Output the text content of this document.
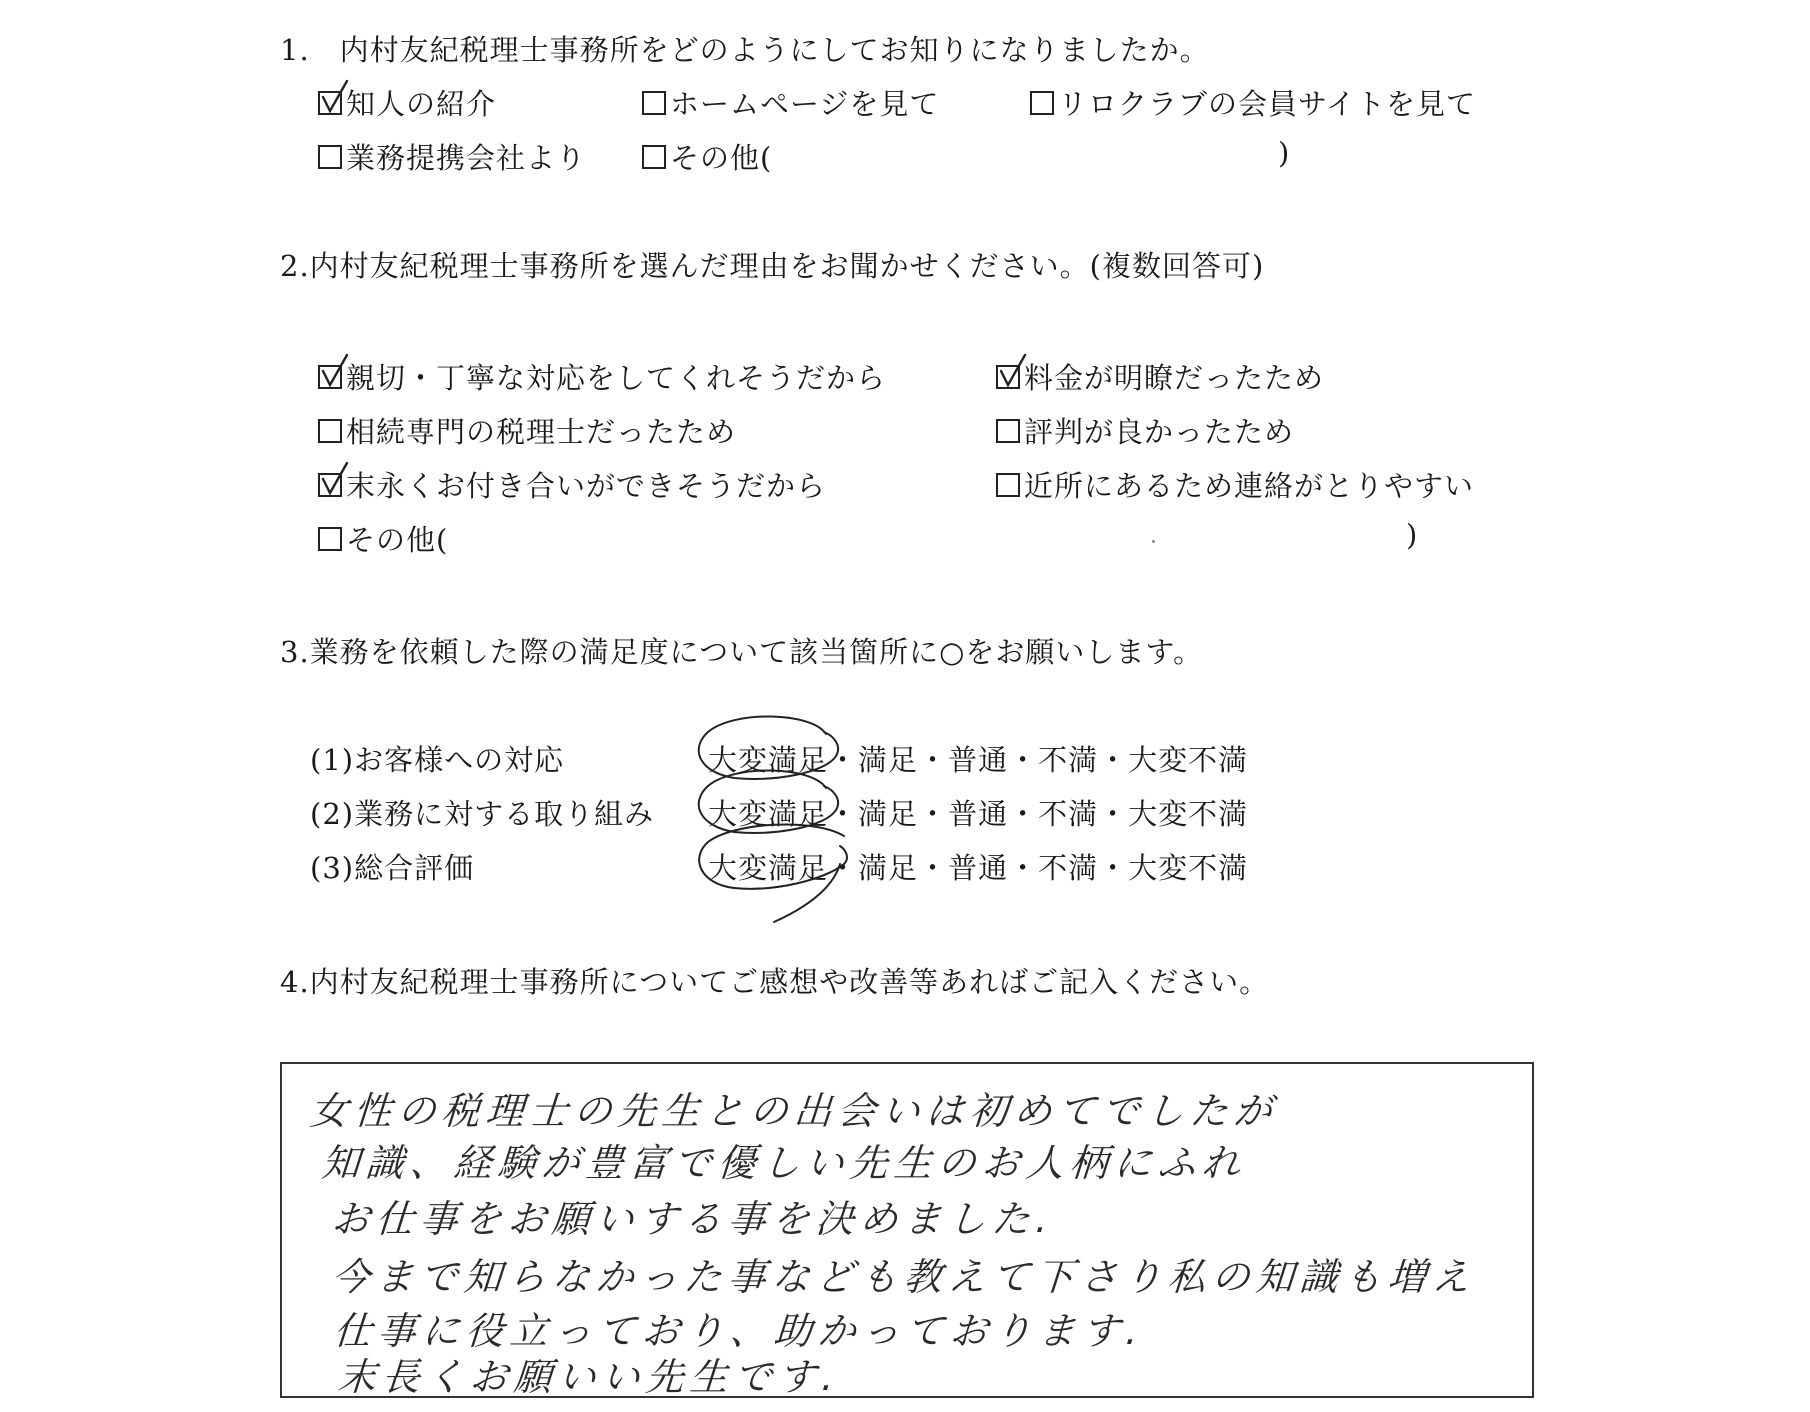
1.　内村友紀税理士事務所をどのようにしてお知りになりましたか。
知人の紹介	ホームページを見て	リロクラブの会員サイトを見て
業務提携会社より	その他(	)
2.内村友紀税理士事務所を選んだ理由をお聞かせください。(複数回答可)
親切・丁寧な対応をしてくれそうだから	料金が明瞭だったため
相続専門の税理士だったため	評判が良かったため
末永くお付き合いができそうだから	近所にあるため連絡がとりやすい
その他(	)
3.業務を依頼した際の満足度について該当箇所に○をお願いします。
(1)お客様への対応	大変満足・満足・普通・不満・大変不満
(2)業務に対する取り組み 大変満足・満足・普通・不満・大変不満
(3)総合評価	大変満足・満足・普通・不満・大変不満
4.内村友紀税理士事務所についてご感想や改善等あればご記入ください。
女性の税理士の先生との出会いは初めてでしたが
知識、経験が豊富で優しい先生のお人柄にふれ
お仕事をお願いする事を決めました.
今まで知らなかった事なども教えて下さり私の知識も増え
仕事に役立っており、助かっております.
末長くお願いい先生です.
